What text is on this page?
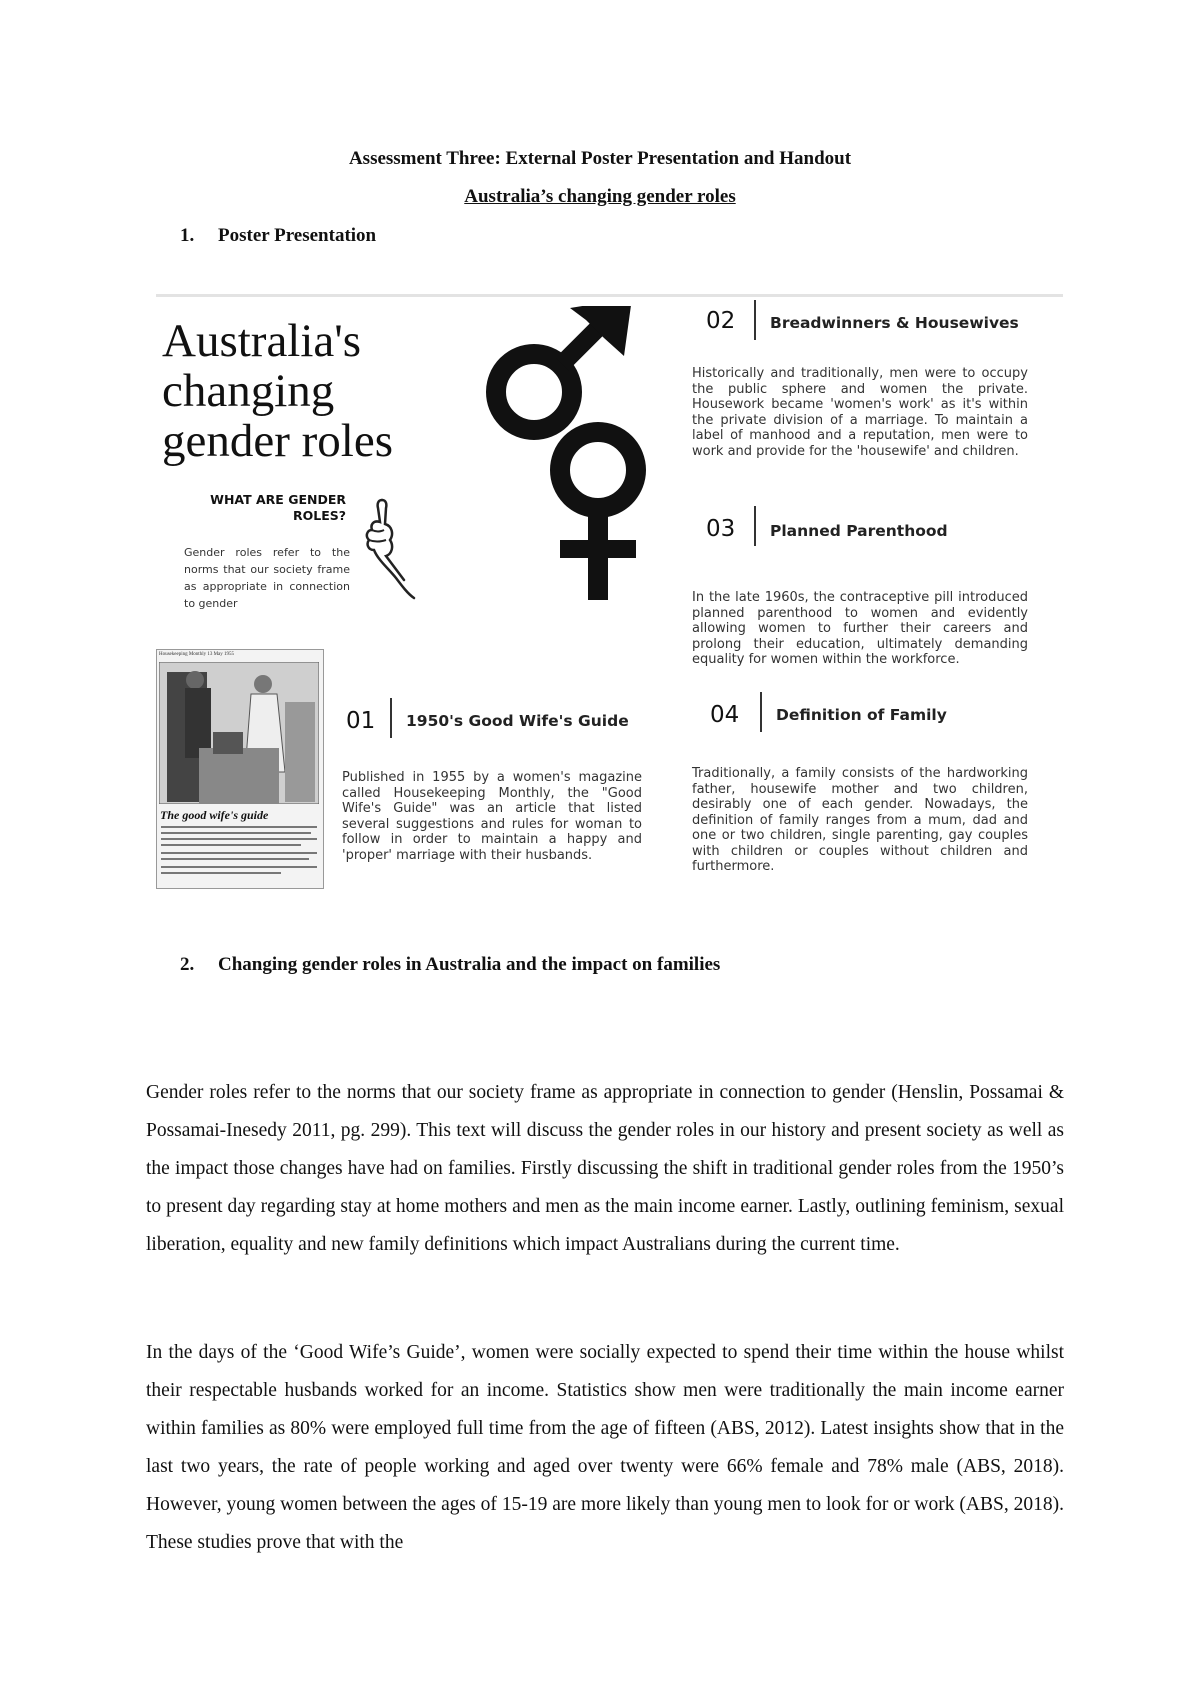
Assessment Three: External Poster Presentation and Handout
Australia’s changing gender roles
1. Poster Presentation
Australia's changing gender roles
WHAT ARE GENDER ROLES?
Gender roles refer to the norms that our society frame as appropriate in connection to gender
Housekeeping Monthly 13 May 1955
The good wife's guide
01 1950's Good Wife's Guide
Published in 1955 by a women's magazine called Housekeeping Monthly, the "Good Wife's Guide" was an article that listed several suggestions and rules for woman to follow in order to maintain a happy and 'proper' marriage with their husbands.
02 Breadwinners & Housewives
Historically and traditionally, men were to occupy the public sphere and women the private. Housework became 'women's work' as it's within the private division of a marriage. To maintain a label of manhood and a reputation, men were to work and provide for the 'housewife' and children.
03 Planned Parenthood
In the late 1960s, the contraceptive pill introduced planned parenthood to women and evidently allowing women to further their careers and prolong their education, ultimately demanding equality for women within the workforce.
04 Definition of Family
Traditionally, a family consists of the hardworking father, housewife mother and two children, desirably one of each gender. Nowadays, the definition of family ranges from a mum, dad and one or two children, single parenting, gay couples with children or couples without children and furthermore.
2. Changing gender roles in Australia and the impact on families
Gender roles refer to the norms that our society frame as appropriate in connection to gender (Henslin, Possamai & Possamai-Inesedy 2011, pg. 299). This text will discuss the gender roles in our history and present society as well as the impact those changes have had on families. Firstly discussing the shift in traditional gender roles from the 1950’s to present day regarding stay at home mothers and men as the main income earner. Lastly, outlining feminism, sexual liberation, equality and new family definitions which impact Australians during the current time.
In the days of the ‘Good Wife’s Guide’, women were socially expected to spend their time within the house whilst their respectable husbands worked for an income. Statistics show men were traditionally the main income earner within families as 80% were employed full time from the age of fifteen (ABS, 2012). Latest insights show that in the last two years, the rate of people working and aged over twenty were 66% female and 78% male (ABS, 2018). However, young women between the ages of 15-19 are more likely than young men to look for or work (ABS, 2018). These studies prove that with the
